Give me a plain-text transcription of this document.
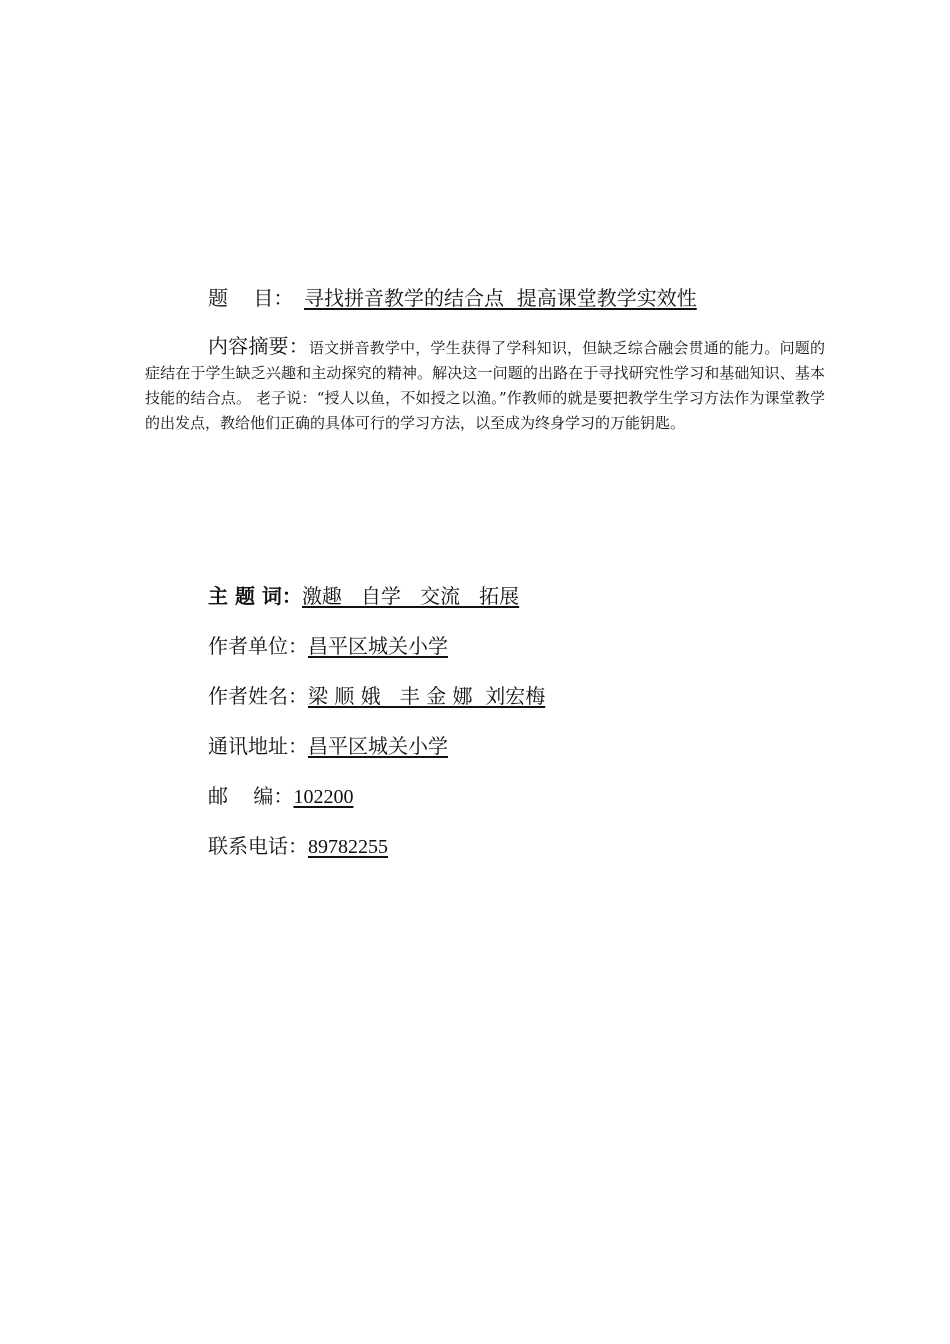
题    目： 寻找拼音教学的结合点  提高课堂教学实效性
内容摘要：语文拼音教学中，学生获得了学科知识，但缺乏综合融会贯通的能力。问题的症结在于学生缺乏兴趣和主动探究的精神。解决这一问题的出路在于寻找研究性学习和基础知识、基本技能的结合点。 老子说：“授人以鱼，不如授之以渔。”作教师的就是要把教学生学习方法作为课堂教学的出发点，教给他们正确的具体可行的学习方法，以至成为终身学习的万能钥匙。
主 题 词：激趣   自学   交流   拓展
作者单位：昌平区城关小学
作者姓名：梁 顺 娥   丰 金 娜  刘宏梅
通讯地址：昌平区城关小学
邮    编：102200
联系电话：89782255
